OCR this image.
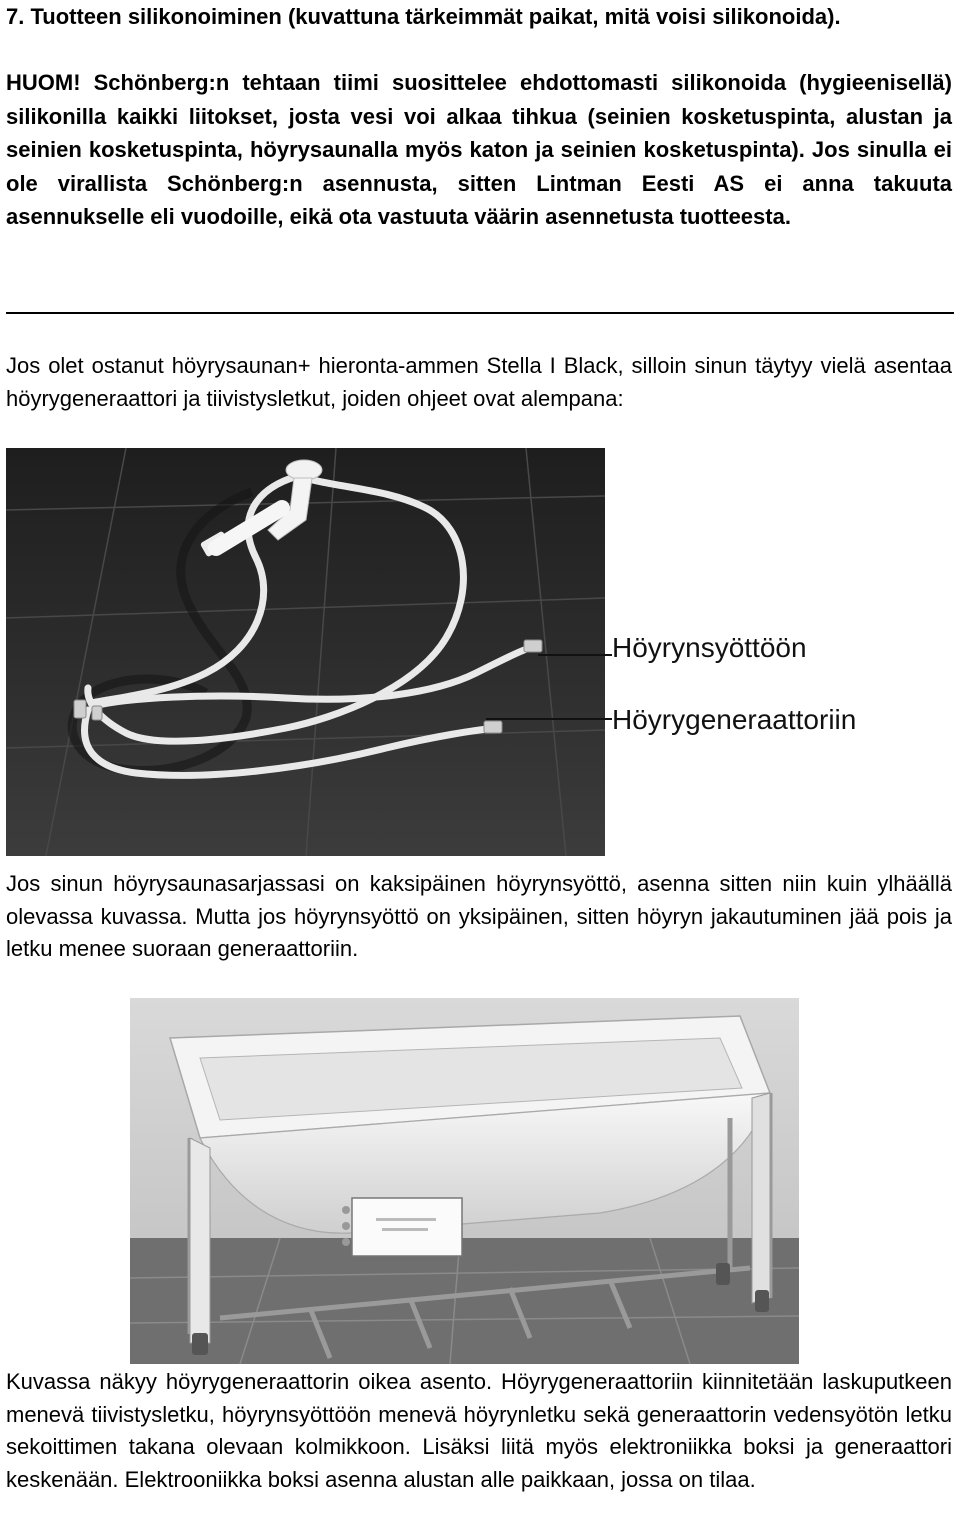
7. Tuotteen silikonoiminen (kuvattuna tärkeimmät paikat, mitä voisi silikonoida).
HUOM! Schönberg:n tehtaan tiimi suosittelee ehdottomasti silikonoida (hygieenisellä) silikonilla kaikki liitokset, josta vesi voi alkaa tihkua (seinien kosketuspinta, alustan ja seinien kosketuspinta, höyrysaunalla myös katon ja seinien kosketuspinta). Jos sinulla ei ole virallista Schönberg:n asennusta, sitten Lintman Eesti AS ei anna takuuta asennukselle eli vuodoille, eikä ota vastuuta väärin asennetusta tuotteesta.
Jos olet ostanut höyrysaunan+ hieronta-ammen Stella I Black, silloin sinun täytyy vielä asentaa höyrygeneraattori ja tiivistysletkut, joiden ohjeet ovat alempana:
Höyrynsyöttöön
Höyrygeneraattoriin
Jos sinun höyrysaunasarjassasi on kaksipäinen höyrynsyöttö, asenna sitten niin kuin ylhäällä olevassa kuvassa. Mutta jos höyrynsyöttö on yksipäinen, sitten höyryn jakautuminen jää pois ja letku menee suoraan generaattoriin.
Kuvassa näkyy höyrygeneraattorin oikea asento. Höyrygeneraattoriin kiinnitetään laskuputkeen menevä tiivistysletku, höyrynsyöttöön menevä höyrynletku sekä generaattorin vedensyötön letku sekoittimen takana olevaan kolmikkoon. Lisäksi liitä myös elektroniikka boksi ja generaattori keskenään. Elektrooniikka boksi asenna alustan alle paikkaan, jossa on tilaa.
